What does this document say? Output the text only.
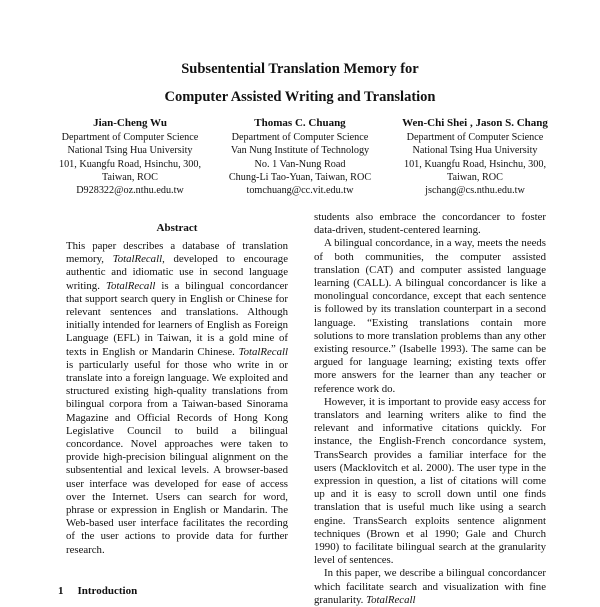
Subsentential Translation Memory for
Computer Assisted Writing and Translation
Jian-Cheng Wu
Department of Computer Science
National Tsing Hua University
101, Kuangfu Road, Hsinchu, 300,
Taiwan, ROC
D928322@oz.nthu.edu.tw
Thomas C. Chuang
Department of Computer Science
Van Nung Institute of Technology
No. 1 Van-Nung Road
Chung-Li Tao-Yuan, Taiwan, ROC
tomchuang@cc.vit.edu.tw
Wen-Chi Shei , Jason S. Chang
Department of Computer Science
National Tsing Hua University
101, Kuangfu Road, Hsinchu, 300,
Taiwan, ROC
jschang@cs.nthu.edu.tw
Abstract
This paper describes a database of translation memory, TotalRecall, developed to encourage authentic and idiomatic use in second language writing. TotalRecall is a bilingual concordancer that support search query in English or Chinese for relevant sentences and translations. Although initially intended for learners of English as Foreign Language (EFL) in Taiwan, it is a gold mine of texts in English or Mandarin Chinese. TotalRecall is particularly useful for those who write in or translate into a foreign language. We exploited and structured existing high-quality translations from bilingual corpora from a Taiwan-based Sinorama Magazine and Official Records of Hong Kong Legislative Council to build a bilingual concordance. Novel approaches were taken to provide high-precision bilingual alignment on the subsentential and lexical levels. A browser-based user interface was developed for ease of access over the Internet. Users can search for word, phrase or expression in English or Mandarin. The Web-based user interface facilitates the recording of the user actions to provide data for further research.
1 Introduction

students also embrace the concordancer to foster data-driven, student-centered learning.

A bilingual concordance, in a way, meets the needs of both communities, the computer assisted translation (CAT) and computer assisted language learning (CALL). A bilingual concordancer is like a monolingual concordance, except that each sentence is followed by its translation counterpart in a second language. “Existing translations contain more solutions to more translation problems than any other existing resource.” (Isabelle 1993). The same can be argued for language learning; existing texts offer more answers for the learner than any teacher or reference work do.

However, it is important to provide easy access for translators and learning writers alike to find the relevant and informative citations quickly. For instance, the English-French concordance system, TransSearch provides a familiar interface for the users (Macklovitch et al. 2000). The user type in the expression in question, a list of citations will come up and it is easy to scroll down until one finds translation that is useful much like using a search engine. TransSearch exploits sentence alignment techniques (Brown et al 1990; Gale and Church 1990) to facilitate bilingual search at the granularity level of sentences.

In this paper, we describe a bilingual concordancer which facilitate search and visualization with fine granularity. TotalRecall
